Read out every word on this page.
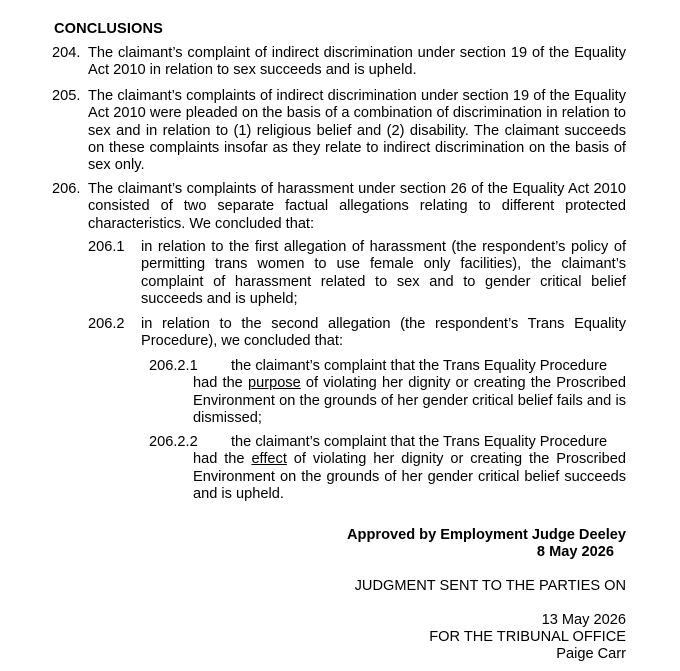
CONCLUSIONS
204. The claimant’s complaint of indirect discrimination under section 19 of the Equality Act 2010 in relation to sex succeeds and is upheld.
205. The claimant’s complaints of indirect discrimination under section 19 of the Equality Act 2010 were pleaded on the basis of a combination of discrimination in relation to sex and in relation to (1) religious belief and (2) disability. The claimant succeeds on these complaints insofar as they relate to indirect discrimination on the basis of sex only.
206. The claimant’s complaints of harassment under section 26 of the Equality Act 2010 consisted of two separate factual allegations relating to different protected characteristics. We concluded that:
206.1 in relation to the first allegation of harassment (the respondent’s policy of permitting trans women to use female only facilities), the claimant’s complaint of harassment related to sex and to gender critical belief succeeds and is upheld;
206.2 in relation to the second allegation (the respondent’s Trans Equality Procedure), we concluded that:
206.2.1 the claimant’s complaint that the Trans Equality Procedure
had the purpose of violating her dignity or creating the Proscribed Environment on the grounds of her gender critical belief fails and is dismissed;
206.2.2 the claimant’s complaint that the Trans Equality Procedure
had the effect of violating her dignity or creating the Proscribed Environment on the grounds of her gender critical belief succeeds and is upheld.
Approved by Employment Judge Deeley
8 May 2026
JUDGMENT SENT TO THE PARTIES ON
13 May 2026
FOR THE TRIBUNAL OFFICE
Paige Carr
